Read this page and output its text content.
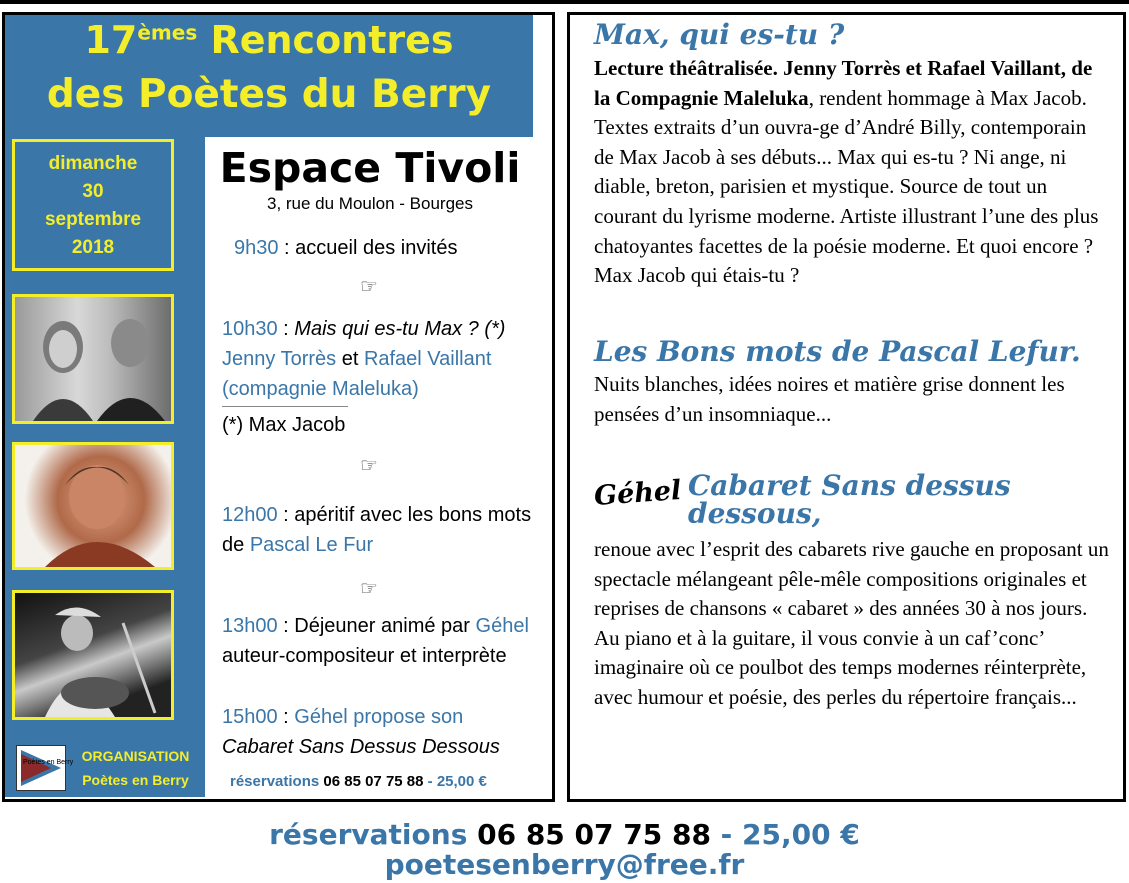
17èmes Rencontres
des Poètes du Berry
dimanche
30
septembre
2018
Poètes en Berry ORGANISATION
Poètes en Berry
Espace Tivoli
3, rue du Moulon - Bourges
9h30 : accueil des invités
☞
10h30 : Mais qui es-tu Max ? (*)
Jenny Torrès et Rafael Vaillant
(compagnie Maleluka)
(*) Max Jacob
☞
12h00 : apéritif avec les bons mots
de Pascal Le Fur
☞
13h00 : Déjeuner animé par Géhel
auteur-compositeur et interprète
15h00 : Géhel propose son
Cabaret Sans Dessus Dessous
réservations 06 85 07 75 88 - 25,00 €
Max, qui es-tu ?
Lecture théâtralisée. Jenny Torrès et Rafael Vaillant, de la Compagnie Maleluka, rendent hommage à Max Jacob. Textes extraits d’un ouvra-ge d’André Billy, contemporain de Max Jacob à ses débuts... Max qui es-tu ? Ni ange, ni diable, breton, parisien et mystique. Source de tout un courant du lyrisme moderne. Artiste illustrant l’une des plus chatoyantes facettes de la poésie moderne. Et quoi encore ? Max Jacob qui étais-tu ?
Les Bons mots de Pascal Lefur.
Nuits blanches, idées noires et matière grise donnent les pensées d’un insomniaque...
Géhel Cabaret Sans dessus
dessous,
renoue avec l’esprit des cabarets rive gauche en proposant un spectacle mélangeant pêle-mêle compositions originales et reprises de chansons « cabaret » des années 30 à nos jours.
Au piano et à la guitare, il vous convie à un caf’conc’ imaginaire où ce poulbot des temps modernes réinterprète, avec humour et poésie, des perles du répertoire français...
réservations 06 85 07 75 88 - 25,00 €
poetesenberry@free.fr
